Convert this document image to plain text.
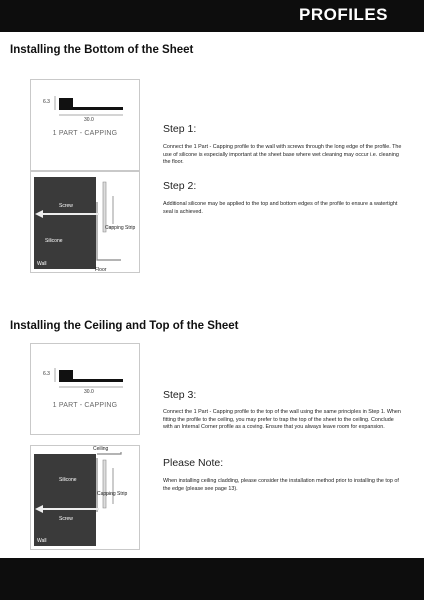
PROFILES
Installing the Bottom of the Sheet
6.3
30.0
1 PART - CAPPING	Step 1:

Connect the 1 Part - Capping profile to the wall with screws through the long edge of the profile. The use of silicone is especially important at the sheet base where wet cleaning may occur i.e. cleaning the floor.

Screw
Capping Strip
Silicone
Wall
Floor
Step 2:

Additional silicone may be applied to the top and bottom edges of the profile to ensure a watertight seal is achieved.

Installing the Ceiling and Top of the Sheet
6.3
30.0
1 PART - CAPPING
Step 3:

Connect the 1 Part - Capping profile to the top of the wall using the same principles in Step 1. When fitting the profile to the ceiling, you may prefer to trap the top of the sheet to the ceiling. Conclude with an Internal Corner profile as a coving. Ensure that you always leave room for expansion.

Ceiling
Silicone
Capping Strip
Screw
Wall
Please Note:

When installing ceiling cladding, please consider the installation method prior to installing the top of the edge (please see page 13).
